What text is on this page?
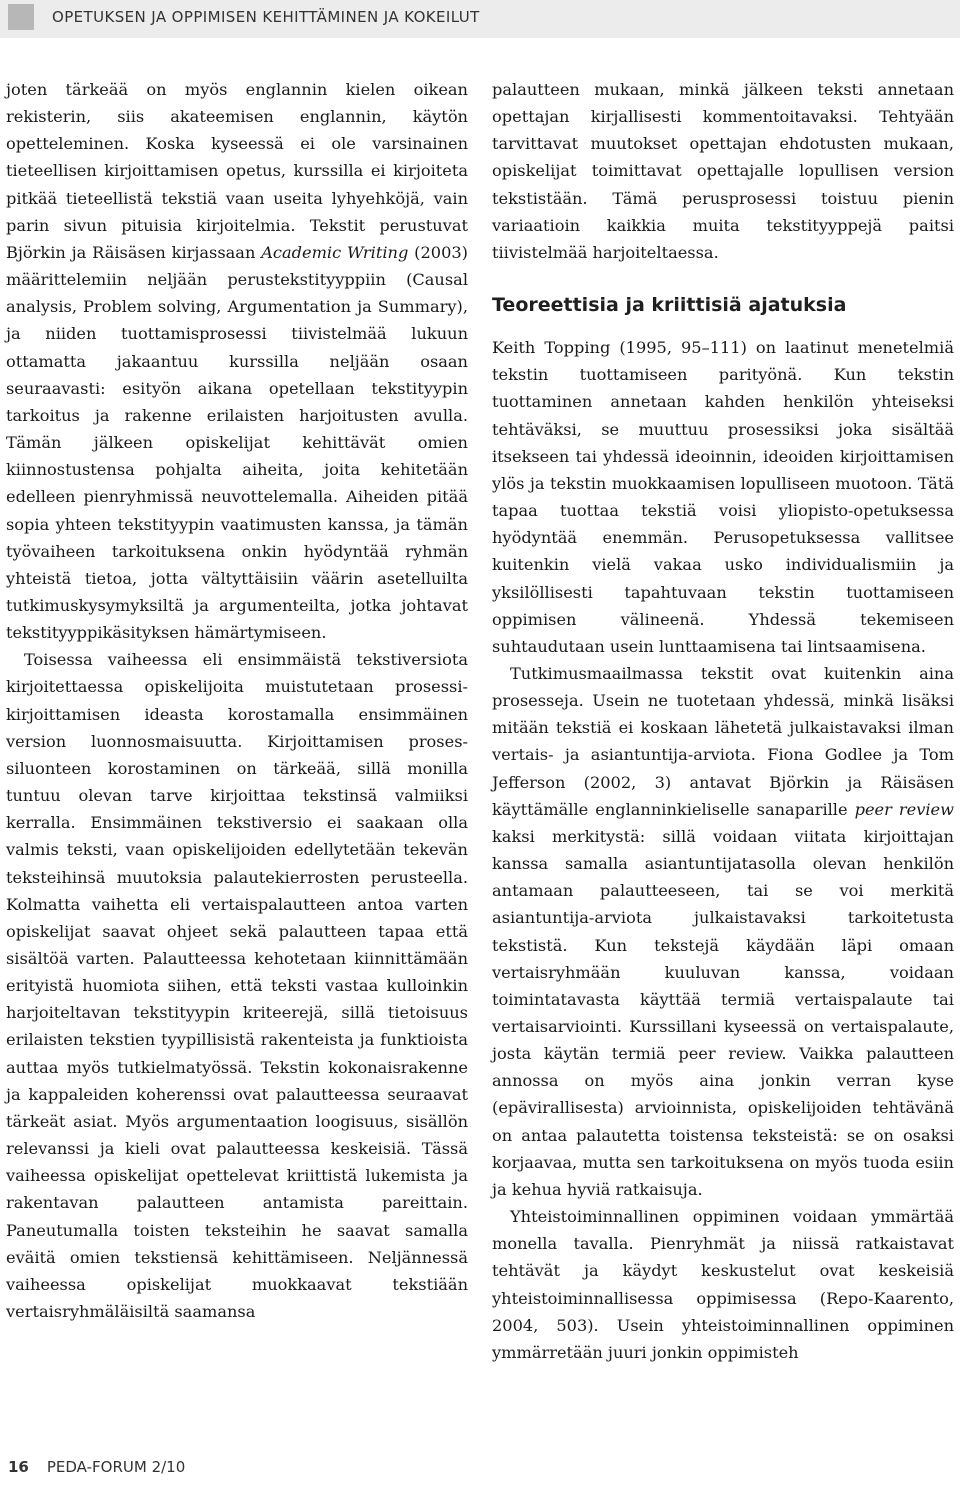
OPETUKSEN JA OPPIMISEN KEHITTÄMINEN JA KOKEILUT

joten tärkeää on myös englannin kielen oikean rekisterin, siis akateemisen englannin, käytön opetteleminen. Koska kyseessä ei ole varsinainen tieteellisen kirjoittamisen opetus, kurssilla ei kirjoiteta pitkää tieteellistä tekstiä vaan useita lyhyehköjä, vain parin sivun pituisia kirjoitelmia. Tekstit perustuvat Björkin ja Räisäsen kirjassaan Academic Writing (2003) määrittelemiin neljään perustekstityyppiin (Causal analysis, Problem solving, Argumentation ja Summary), ja niiden tuottamisprosessi tiivistelmää lukuun ottamatta jakaantuu kurssilla neljään osaan seuraavasti: esityön aikana opetellaan tekstityypin tarkoitus ja rakenne erilaisten harjoitusten avulla. Tämän jälkeen opiskelijat kehittävät omien kiinnostustensa pohjalta aiheita, joita kehitetään edelleen pienryhmissä neuvottelemalla. Aiheiden pitää sopia yhteen tekstityypin vaatimusten kanssa, ja tämän työvaiheen tarkoituksena onkin hyödyntää ryhmän yhteistä tietoa, jotta vältyttäisiin väärin asetelluilta tutkimuskysymyksiltä ja argumenteilta, jotka johtavat tekstityyppikäsityksen hämärtymiseen.

Toisessa vaiheessa eli ensimmäistä tekstiversiota kirjoitettaessa opiskelijoita muistutetaan prosessikirjoittamisen ideasta korostamalla ensimmäinen version luonnosmaisuutta. Kirjoittamisen prosessiluonteen korostaminen on tärkeää, sillä monilla tuntuu olevan tarve kirjoittaa tekstinsä valmiiksi kerralla. Ensimmäinen tekstiversio ei saakaan olla valmis teksti, vaan opiskelijoiden edellytetään tekevän teksteihinsä muutoksia palautekierrosten perusteella. Kolmatta vaihetta eli vertaispalautteen antoa varten opiskelijat saavat ohjeet sekä palautteen tapaa että sisältöä varten. Palautteessa kehotetaan kiinnittämään erityistä huomiota siihen, että teksti vastaa kulloinkin harjoiteltavan tekstityypin kriteerejä, sillä tietoisuus erilaisten tekstien tyypillisistä rakenteista ja funktioista auttaa myös tutkielmatyössä. Tekstin kokonaisrakenne ja kappaleiden koherenssi ovat palautteessa seuraavat tärkeät asiat. Myös argumentaation loogisuus, sisällön relevanssi ja kieli ovat palautteessa keskeisiä. Tässä vaiheessa opiskelijat opettelevat kriittistä lukemista ja rakentavan palautteen antamista pareittain. Paneutumalla toisten teksteihin he saavat samalla eväitä omien tekstiensä kehittämiseen. Neljännessä vaiheessa opiskelijat muokkaavat tekstiään vertaisryhmäläisiltä saamansa

palautteen mukaan, minkä jälkeen teksti annetaan opettajan kirjallisesti kommentoitavaksi. Tehtyään tarvittavat muutokset opettajan ehdotusten mukaan, opiskelijat toimittavat opettajalle lopullisen version tekstistään. Tämä perusprosessi toistuu pienin variaatioin kaikkia muita tekstityyppejä paitsi tiivistelmää harjoiteltaessa.

Teoreettisia ja kriittisiä ajatuksia

Keith Topping (1995, 95–111) on laatinut menetelmiä tekstin tuottamiseen parityönä. Kun tekstin tuottaminen annetaan kahden henkilön yhteiseksi tehtäväksi, se muuttuu prosessiksi joka sisältää itsekseen tai yhdessä ideoinnin, ideoiden kirjoittamisen ylös ja tekstin muokkaamisen lopulliseen muotoon. Tätä tapaa tuottaa tekstiä voisi yliopisto-opetuksessa hyödyntää enemmän. Perusopetuksessa vallitsee kuitenkin vielä vakaa usko individualismiin ja yksilöllisesti tapahtuvaan tekstin tuottamiseen oppimisen välineenä. Yhdessä tekemiseen suhtaudutaan usein lunttaamisena tai lintsaamisena.

Tutkimusmaailmassa tekstit ovat kuitenkin aina prosesseja. Usein ne tuotetaan yhdessä, minkä lisäksi mitään tekstiä ei koskaan lähetetä julkaistavaksi ilman vertais- ja asiantuntija-arviota. Fiona Godlee ja Tom Jefferson (2002, 3) antavat Björkin ja Räisäsen käyttämälle englanninkieliselle sanaparille peer review kaksi merkitystä: sillä voidaan viitata kirjoittajan kanssa samalla asiantuntijatasolla olevan henkilön antamaan palautteeseen, tai se voi merkitä asiantuntija-arviota julkaistavaksi tarkoitetusta tekstistä. Kun tekstejä käydään läpi omaan vertaisryhmään kuuluvan kanssa, voidaan toimintatavasta käyttää termiä vertaispalaute tai vertaisarviointi. Kurssillani kyseessä on vertaispalaute, josta käytän termiä peer review. Vaikka palautteen annossa on myös aina jonkin verran kyse (epävirallisesta) arvioinnista, opiskelijoiden tehtävänä on antaa palautetta toistensa teksteistä: se on osaksi korjaavaa, mutta sen tarkoituksena on myös tuoda esiin ja kehua hyviä ratkaisuja.

Yhteistoiminnallinen oppiminen voidaan ymmärtää monella tavalla. Pienryhmät ja niissä ratkaistavat tehtävät ja käydyt keskustelut ovat keskeisiä yhteistoiminnallisessa oppimisessa (Repo-Kaarento, 2004, 503). Usein yhteistoiminnallinen oppiminen ymmärretään juuri jonkin oppimisteh

16 PEDA-FORUM 2/10
